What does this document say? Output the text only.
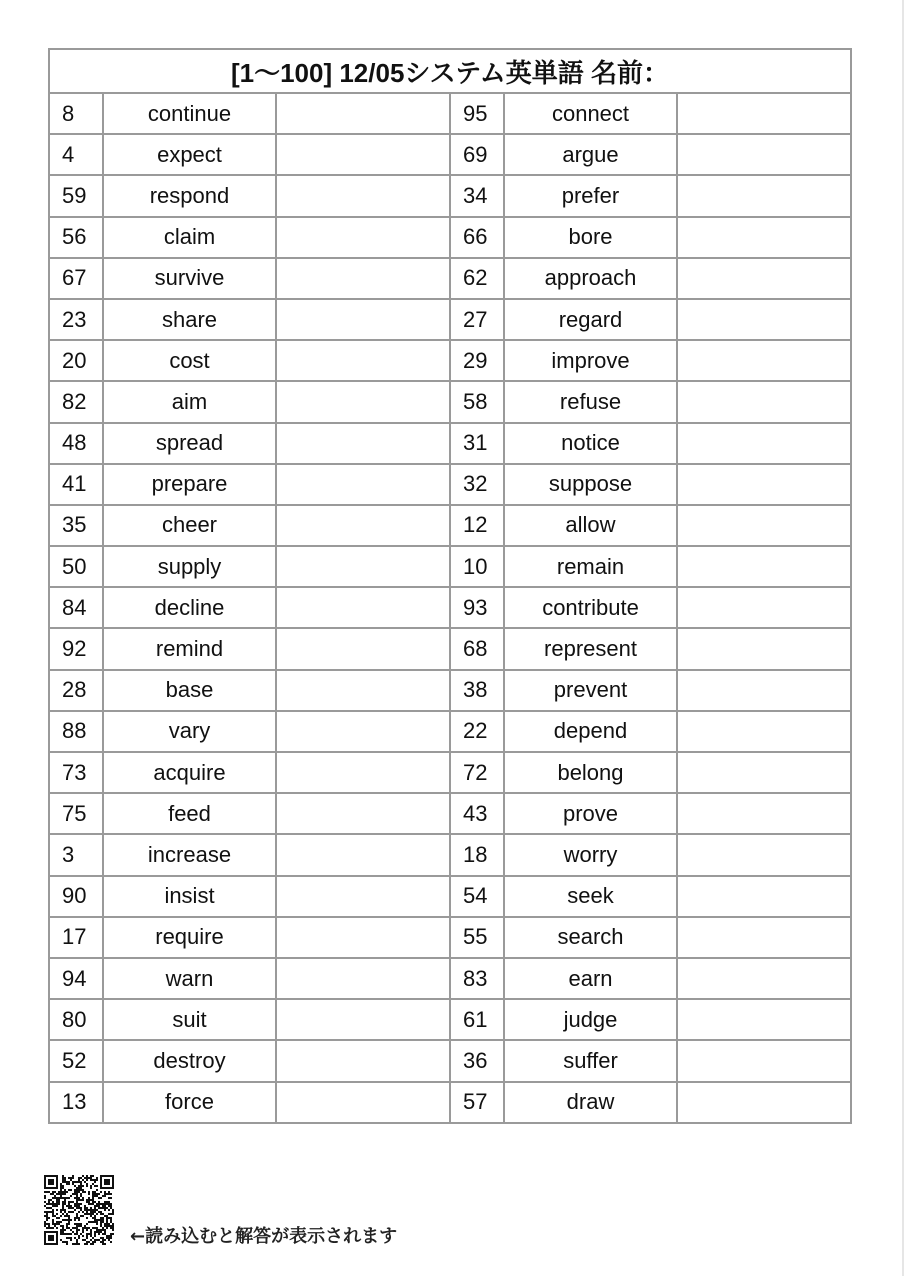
[1〜100] 12/05システム英単語 名前：					
8	continue		95	connect	
4	expect		69	argue	
59	respond		34	prefer	
56	claim		66	bore	
67	survive		62	approach	
23	share		27	regard	
20	cost		29	improve	
82	aim		58	refuse	
48	spread		31	notice	
41	prepare		32	suppose	
35	cheer		12	allow	
50	supply		10	remain	
84	decline		93	contribute	
92	remind		68	represent	
28	base		38	prevent	
88	vary		22	depend	
73	acquire		72	belong	
75	feed		43	prove	
3	increase		18	worry	
90	insist		54	seek	
17	require		55	search	
94	warn		83	earn	
80	suit		61	judge	
52	destroy		36	suffer	
13	force		57	draw	
←読み込むと解答が表示されます
